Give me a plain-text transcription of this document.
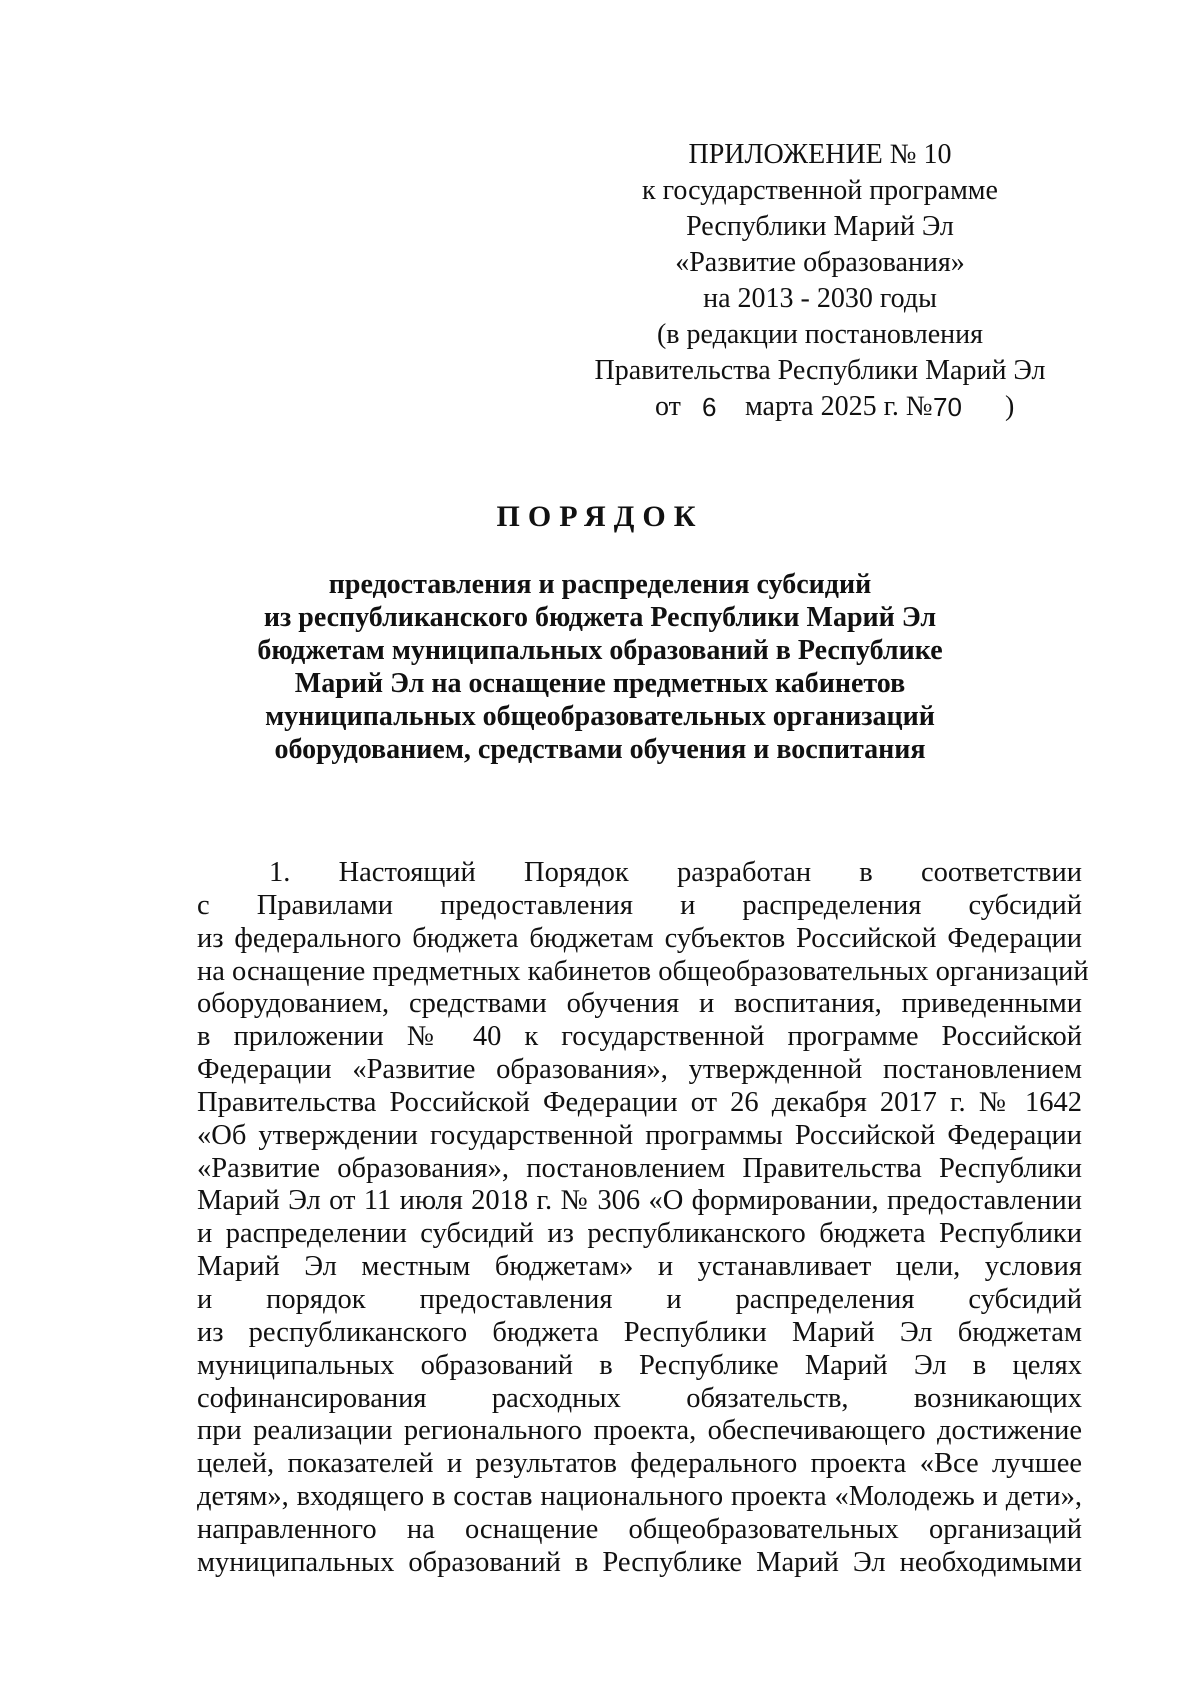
ПРИЛОЖЕНИЕ № 10
к государственной программе
Республики Марий Эл
«Развитие образования»
на 2013 - 2030 годы
(в редакции постановления
Правительства Республики Марий Эл
от 6 марта 2025 г. № 70 )
ПОРЯДОК
предоставления и распределения субсидий
из республиканского бюджета Республики Марий Эл
бюджетам муниципальных образований в Республике
Марий Эл на оснащение предметных кабинетов
муниципальных общеобразовательных организаций
оборудованием, средствами обучения и воспитания
1. Настоящий Порядок разработан в соответствии
с Правилами предоставления и распределения субсидий
из федерального бюджета бюджетам субъектов Российской Федерации
на оснащение предметных кабинетов общеобразовательных организаций
оборудованием, средствами обучения и воспитания, приведенными
в приложении № 40 к государственной программе Российской
Федерации «Развитие образования», утвержденной постановлением
Правительства Российской Федерации от 26 декабря 2017 г. № 1642
«Об утверждении государственной программы Российской Федерации
«Развитие образования», постановлением Правительства Республики
Марий Эл от 11 июля 2018 г. № 306 «О формировании, предоставлении
и распределении субсидий из республиканского бюджета Республики
Марий Эл местным бюджетам» и устанавливает цели, условия
и порядок предоставления и распределения субсидий
из республиканского бюджета Республики Марий Эл бюджетам
муниципальных образований в Республике Марий Эл в целях
софинансирования расходных обязательств, возникающих
при реализации регионального проекта, обеспечивающего достижение
целей, показателей и результатов федерального проекта «Все лучшее
детям», входящего в состав национального проекта «Молодежь и дети»,
направленного на оснащение общеобразовательных организаций
муниципальных образований в Республике Марий Эл необходимыми
